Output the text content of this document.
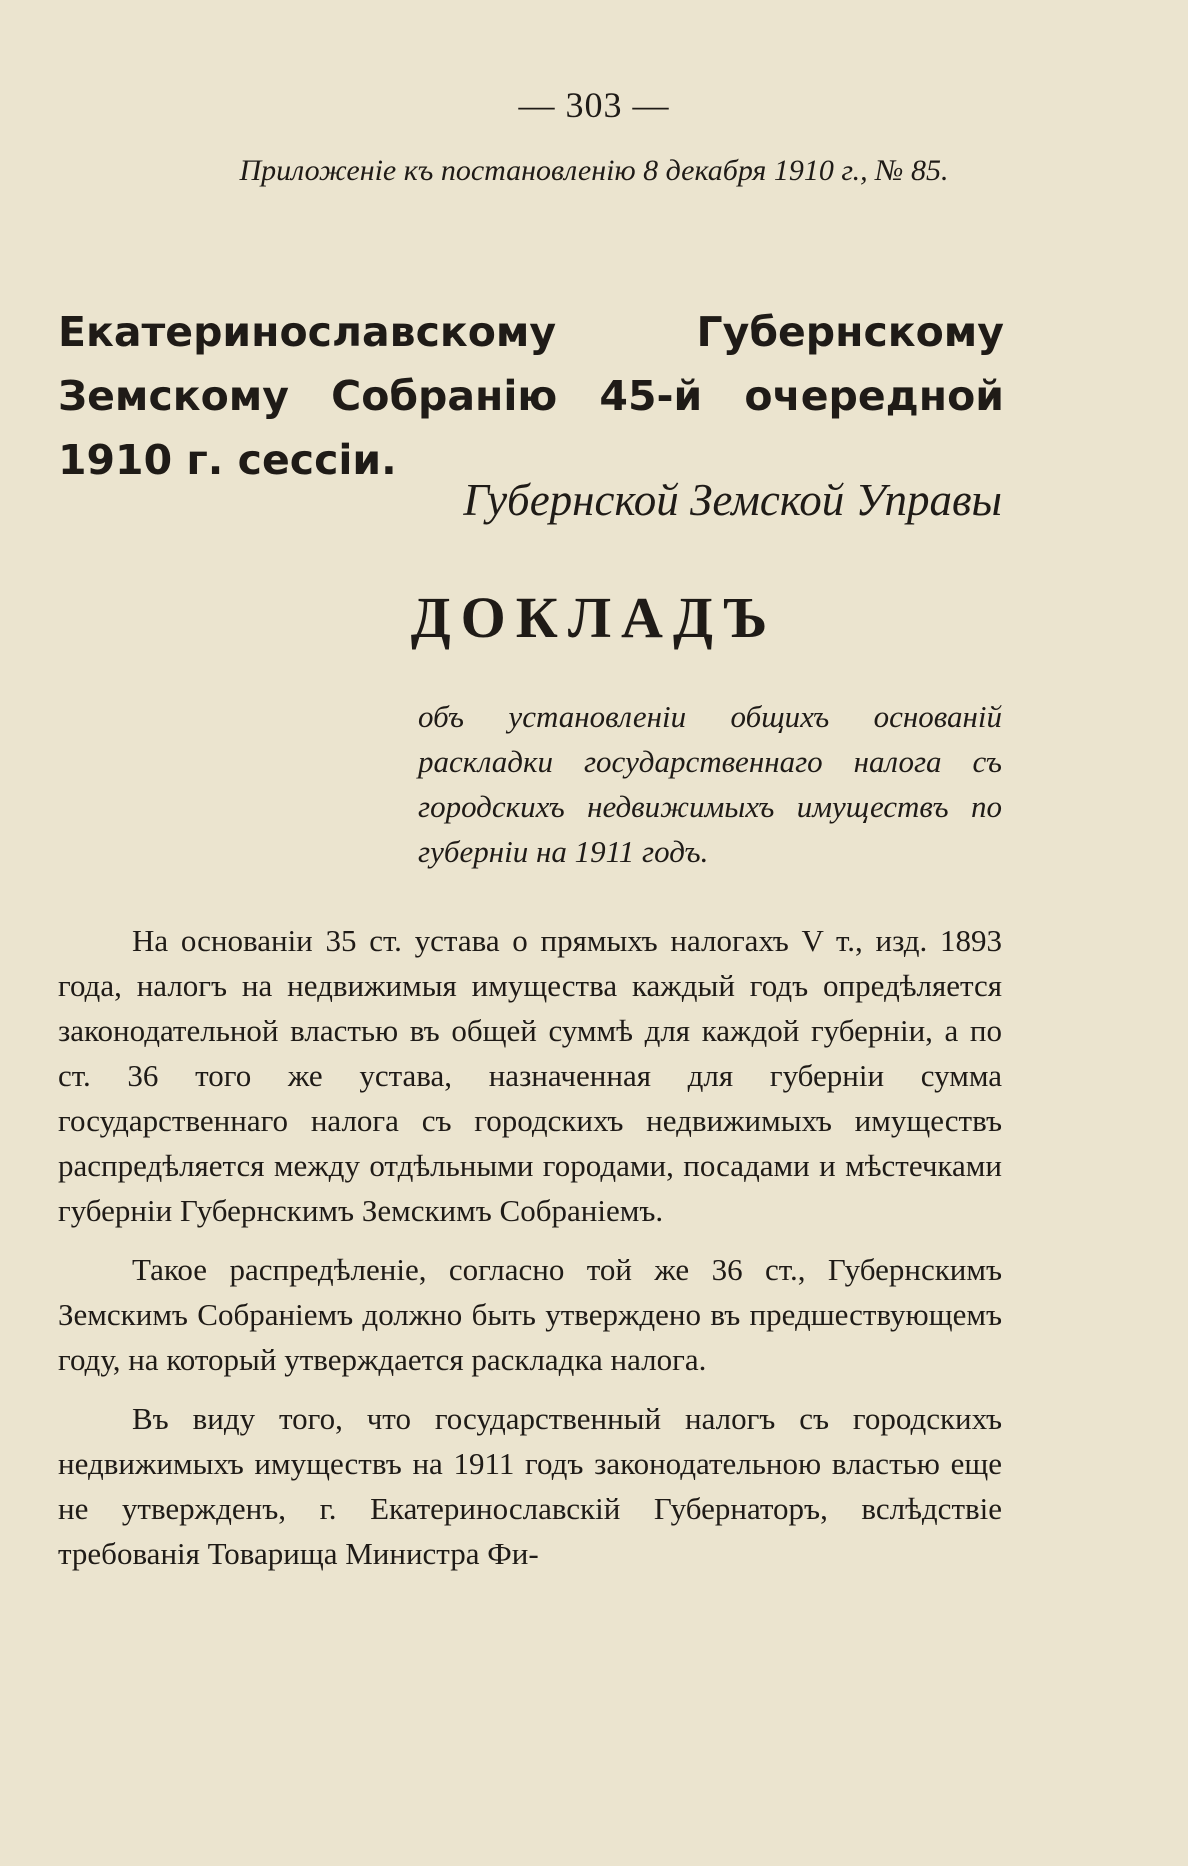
— 303 —
Приложеніе къ постановленію 8 декабря 1910 г., № 85.
Екатеринославскому Губернскому Земскому Собранію 45-й очередной 1910 г. сессіи.
Губернской Земской Управы
ДОКЛАДЪ
объ установленіи общихъ основаній раскладки государственнаго налога съ городскихъ недвижимыхъ имуществъ по губерніи на 1911 годъ.

На основаніи 35 ст. устава о прямыхъ налогахъ V т., изд. 1893 года, налогъ на недвижимыя имущества каждый годъ опредѣляется законодательной властью въ общей суммѣ для каждой губерніи, а по ст. 36 того же устава, назначенная для губерніи сумма государственнаго налога съ городскихъ недвижимыхъ имуществъ распредѣляется между отдѣльными городами, посадами и мѣстечками губерніи Губернскимъ Земскимъ Собраніемъ.

Такое распредѣленіе, согласно той же 36 ст., Губернскимъ Земскимъ Собраніемъ должно быть утверждено въ предшествующемъ году, на который утверждается раскладка налога.

Въ виду того, что государственный налогъ съ городскихъ недвижимыхъ имуществъ на 1911 годъ законодательною властью еще не утвержденъ, г. Екатеринославскій Губернаторъ, вслѣдствіе требованія Товарища Министра Фи-
